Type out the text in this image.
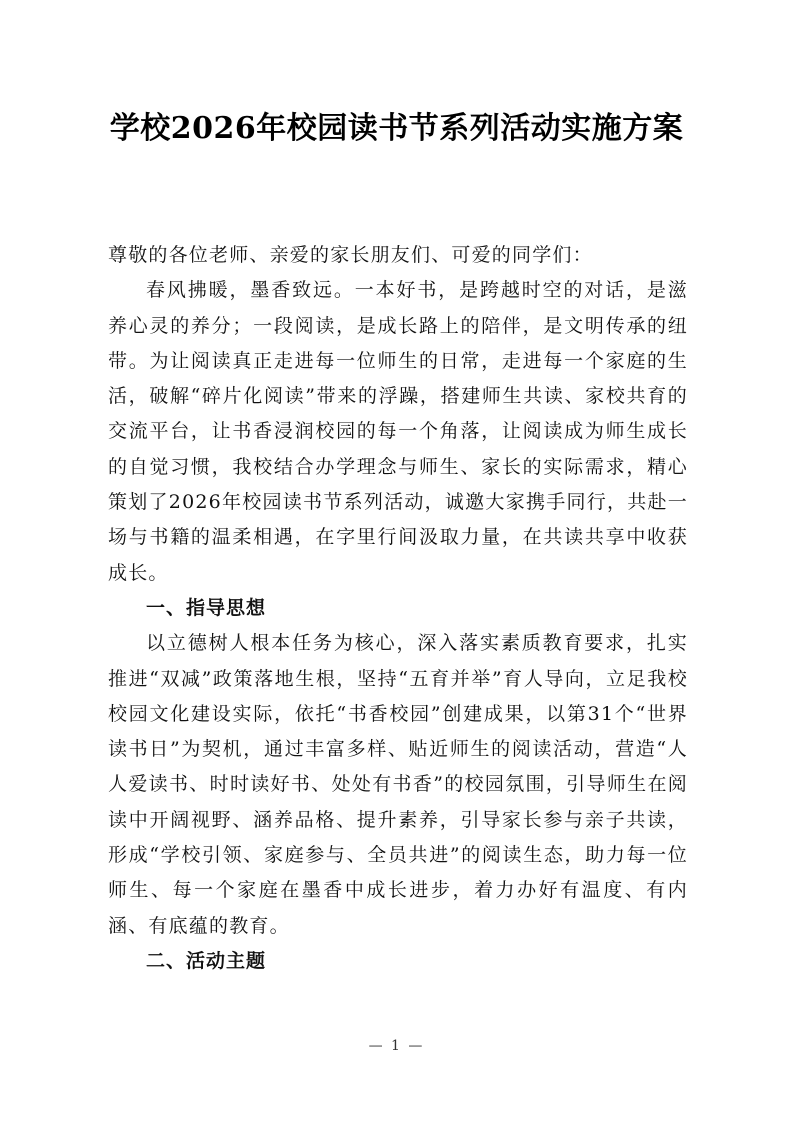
学校2026年校园读书节系列活动实施方案

尊敬的各位老师、亲爱的家长朋友们、可爱的同学们：

春风拂暖，墨香致远。一本好书，是跨越时空的对话，是滋养心灵的养分；一段阅读，是成长路上的陪伴，是文明传承的纽带。为让阅读真正走进每一位师生的日常，走进每一个家庭的生活，破解“碎片化阅读”带来的浮躁，搭建师生共读、家校共育的交流平台，让书香浸润校园的每一个角落，让阅读成为师生成长的自觉习惯，我校结合办学理念与师生、家长的实际需求，精心策划了2026年校园读书节系列活动，诚邀大家携手同行，共赴一场与书籍的温柔相遇，在字里行间汲取力量，在共读共享中收获成长。

一、指导思想

以立德树人根本任务为核心，深入落实素质教育要求，扎实推进“双减”政策落地生根，坚持“五育并举”育人导向，立足我校校园文化建设实际，依托“书香校园”创建成果，以第31个“世界读书日”为契机，通过丰富多样、贴近师生的阅读活动，营造“人人爱读书、时时读好书、处处有书香”的校园氛围，引导师生在阅读中开阔视野、涵养品格、提升素养，引导家长参与亲子共读，形成“学校引领、家庭参与、全员共进”的阅读生态，助力每一位师生、每一个家庭在墨香中成长进步，着力办好有温度、有内涵、有底蕴的教育。

二、活动主题

— 1 —
